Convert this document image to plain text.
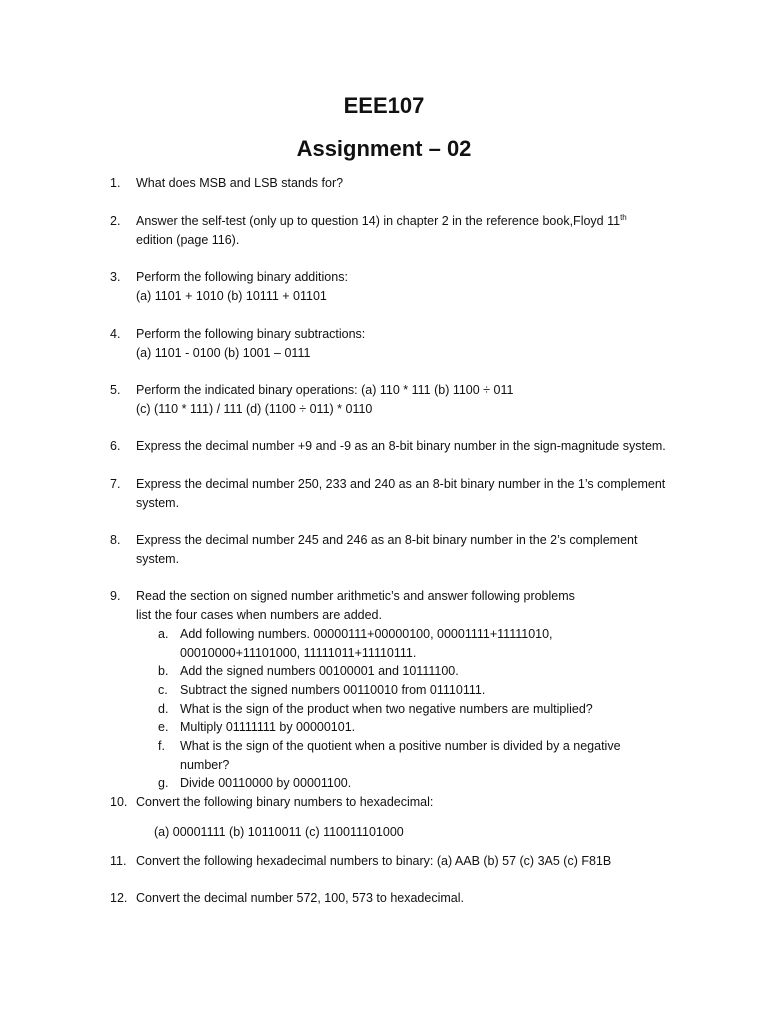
EEE107
Assignment – 02
1.	What does MSB and LSB stands for?
2.	Answer the self-test (only up to question 14) in chapter 2 in the reference book,Floyd 11th
edition (page 116).
3.	Perform the following binary additions:
(a) 1101 + 1010 (b) 10111 + 01101
4.	Perform the following binary subtractions:
(a) 1101 - 0100 (b) 1001 – 0111
5.	Perform the indicated binary operations: (a) 110 * 111 (b) 1100 ÷ 011
(c) (110 * 111) / 111 (d) (1100 ÷ 011) * 0110
6.	Express the decimal number +9 and -9 as an 8-bit binary number in the sign-magnitude system.
7.	Express the decimal number 250, 233 and 240 as an 8-bit binary number in the 1’s complement
system.
8.	Express the decimal number 245 and 246 as an 8-bit binary number in the 2’s complement
system.
9.	Read the section on signed number arithmetic’s and answer following problems
list the four cases when numbers are added.
a. Add following numbers. 00000111+00000100, 00001111+11111010,
00010000+11101000, 11111011+11110111.
b. Add the signed numbers 00100001 and 10111100.
c. Subtract the signed numbers 00110010 from 01110111.
d. What is the sign of the product when two negative numbers are multiplied?
e. Multiply 01111111 by 00000101.
f.	What is the sign of the quotient when a positive number is divided by a negative
number?
g. Divide 00110000 by 00001100.
10. Convert the following binary numbers to hexadecimal:
(a) 00001111 (b) 10110011 (c) 110011101000
11. Convert the following hexadecimal numbers to binary: (a) AAB (b) 57 (c) 3A5 (c) F81B
12. Convert the decimal number 572, 100, 573 to hexadecimal.
